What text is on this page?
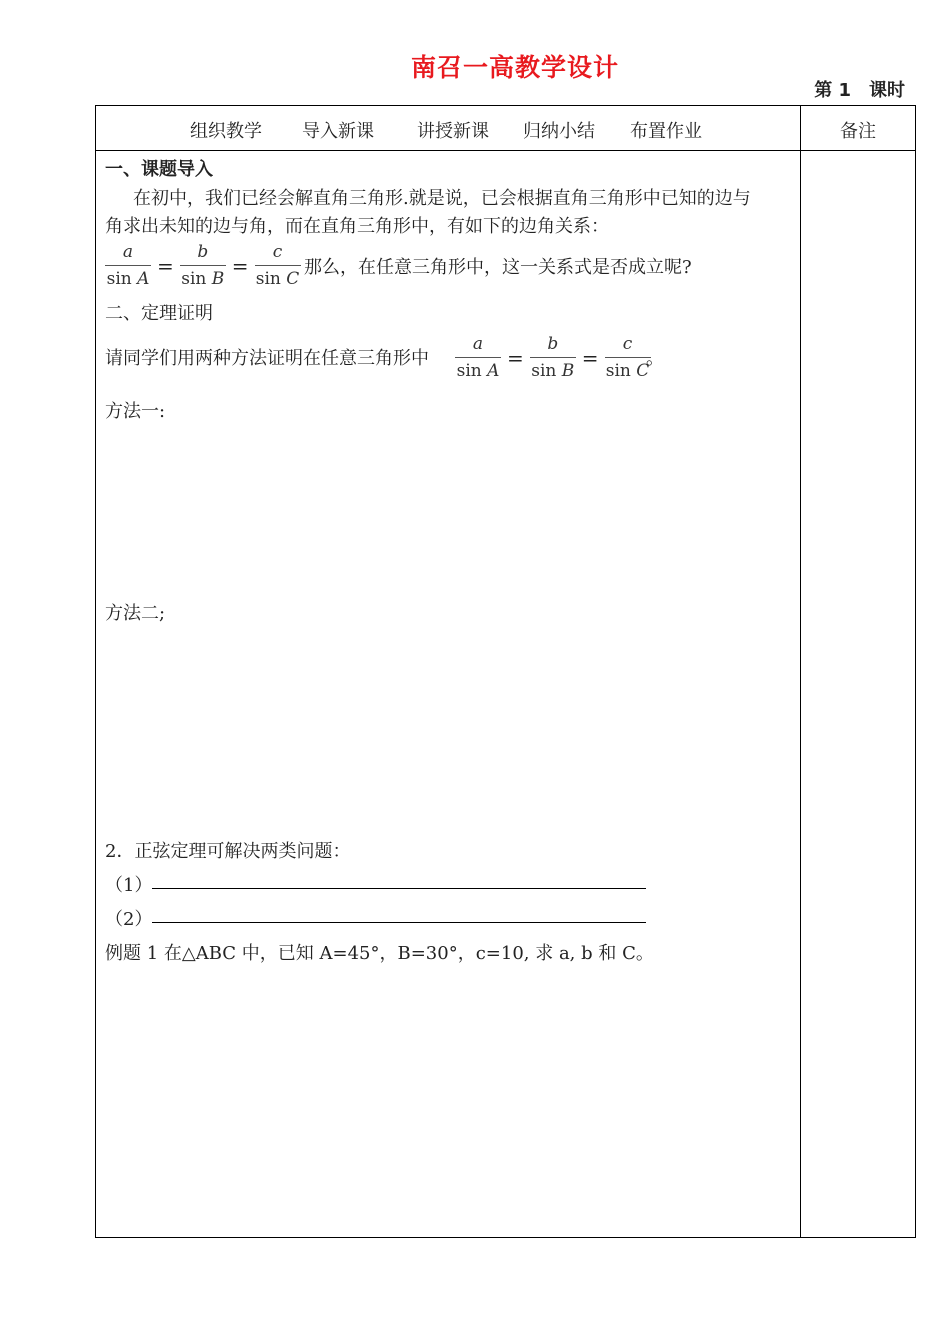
南召一高教学设计
第 1　课时
组织教学 导入新课 讲授新课 归纳小结 布置作业	备注
一、课题导入
在初中，我们已经会解直角三角形.就是说，已会根据直角三角形中已知的边与
角求出未知的边与角，而在直角三角形中，有如下的边角关系：
$\frac{a}{\text{sin A}} = \frac{b}{\text{sin B}} = \frac{c}{\text{sin C}}$ 那么，在任意三角形中，这一关系式是否成立呢?
二、定理证明
请同学们用两种方法证明在任意三角形中 $\frac{a}{\text{sin A}} = \frac{b}{\text{sin B}} = \frac{c}{\text{sin C}}$
。
方法一:
方法二;
2．正弦定理可解决两类问题：
（1）
（2）
例题 1 在△ABC 中，已知 A=45°，B=30°，c=10, 求 a, b 和 C。
